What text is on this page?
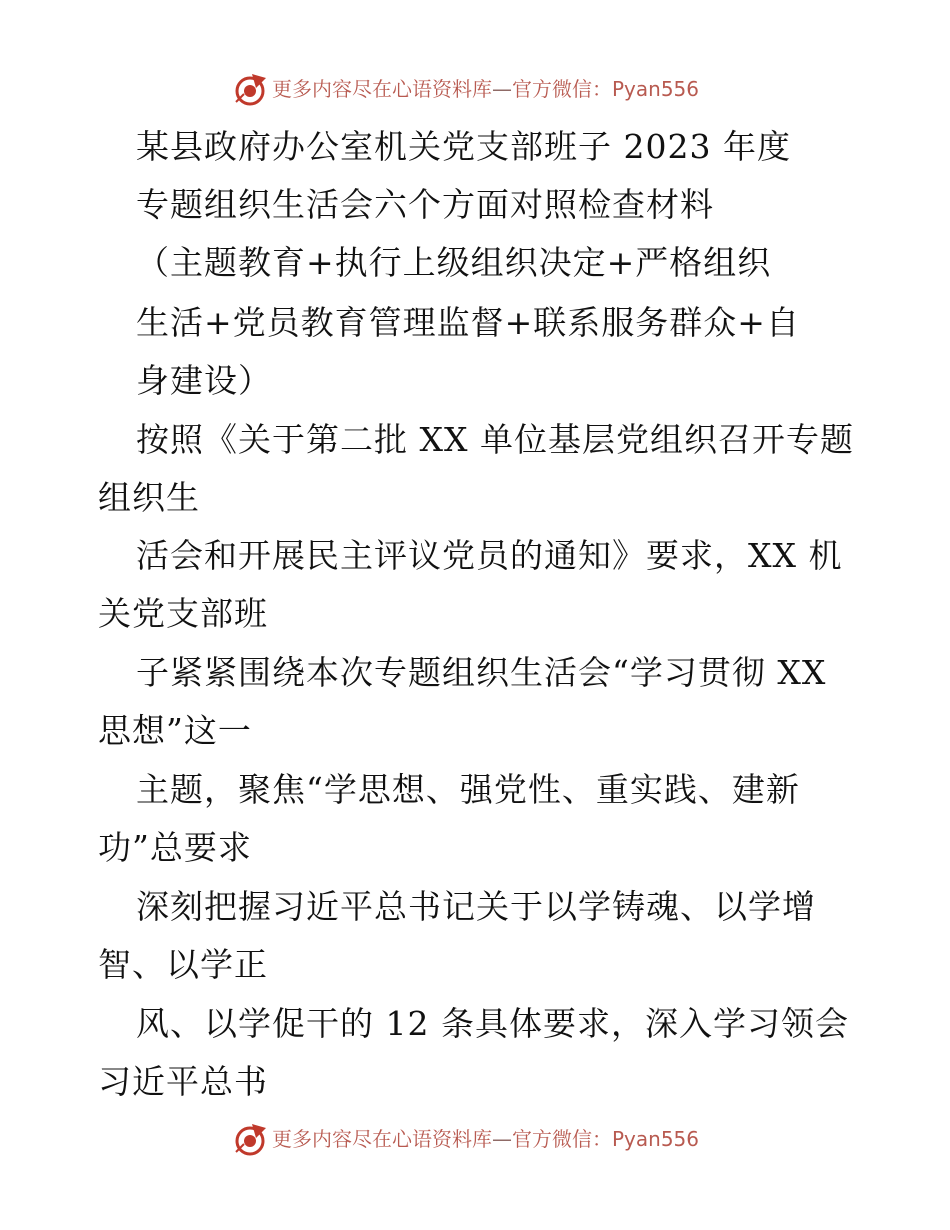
更多内容尽在心语资料库—官方微信：Pyan556
某县政府办公室机关党支部班子 2023 年度
专题组织生活会六个方面对照检查材料
（主题教育+执行上级组织决定+严格组织
生活+党员教育管理监督+联系服务群众+自
身建设）
按照《关于第二批 XX 单位基层党组织召开专题
组织生
活会和开展民主评议党员的通知》要求，XX 机
关党支部班
子紧紧围绕本次专题组织生活会“学习贯彻 XX
思想”这一
主题，聚焦“学思想、强党性、重实践、建新
功”总要求
深刻把握习近平总书记关于以学铸魂、以学增
智、以学正
风、以学促干的 12 条具体要求，深入学习领会
习近平总书
更多内容尽在心语资料库—官方微信：Pyan556
